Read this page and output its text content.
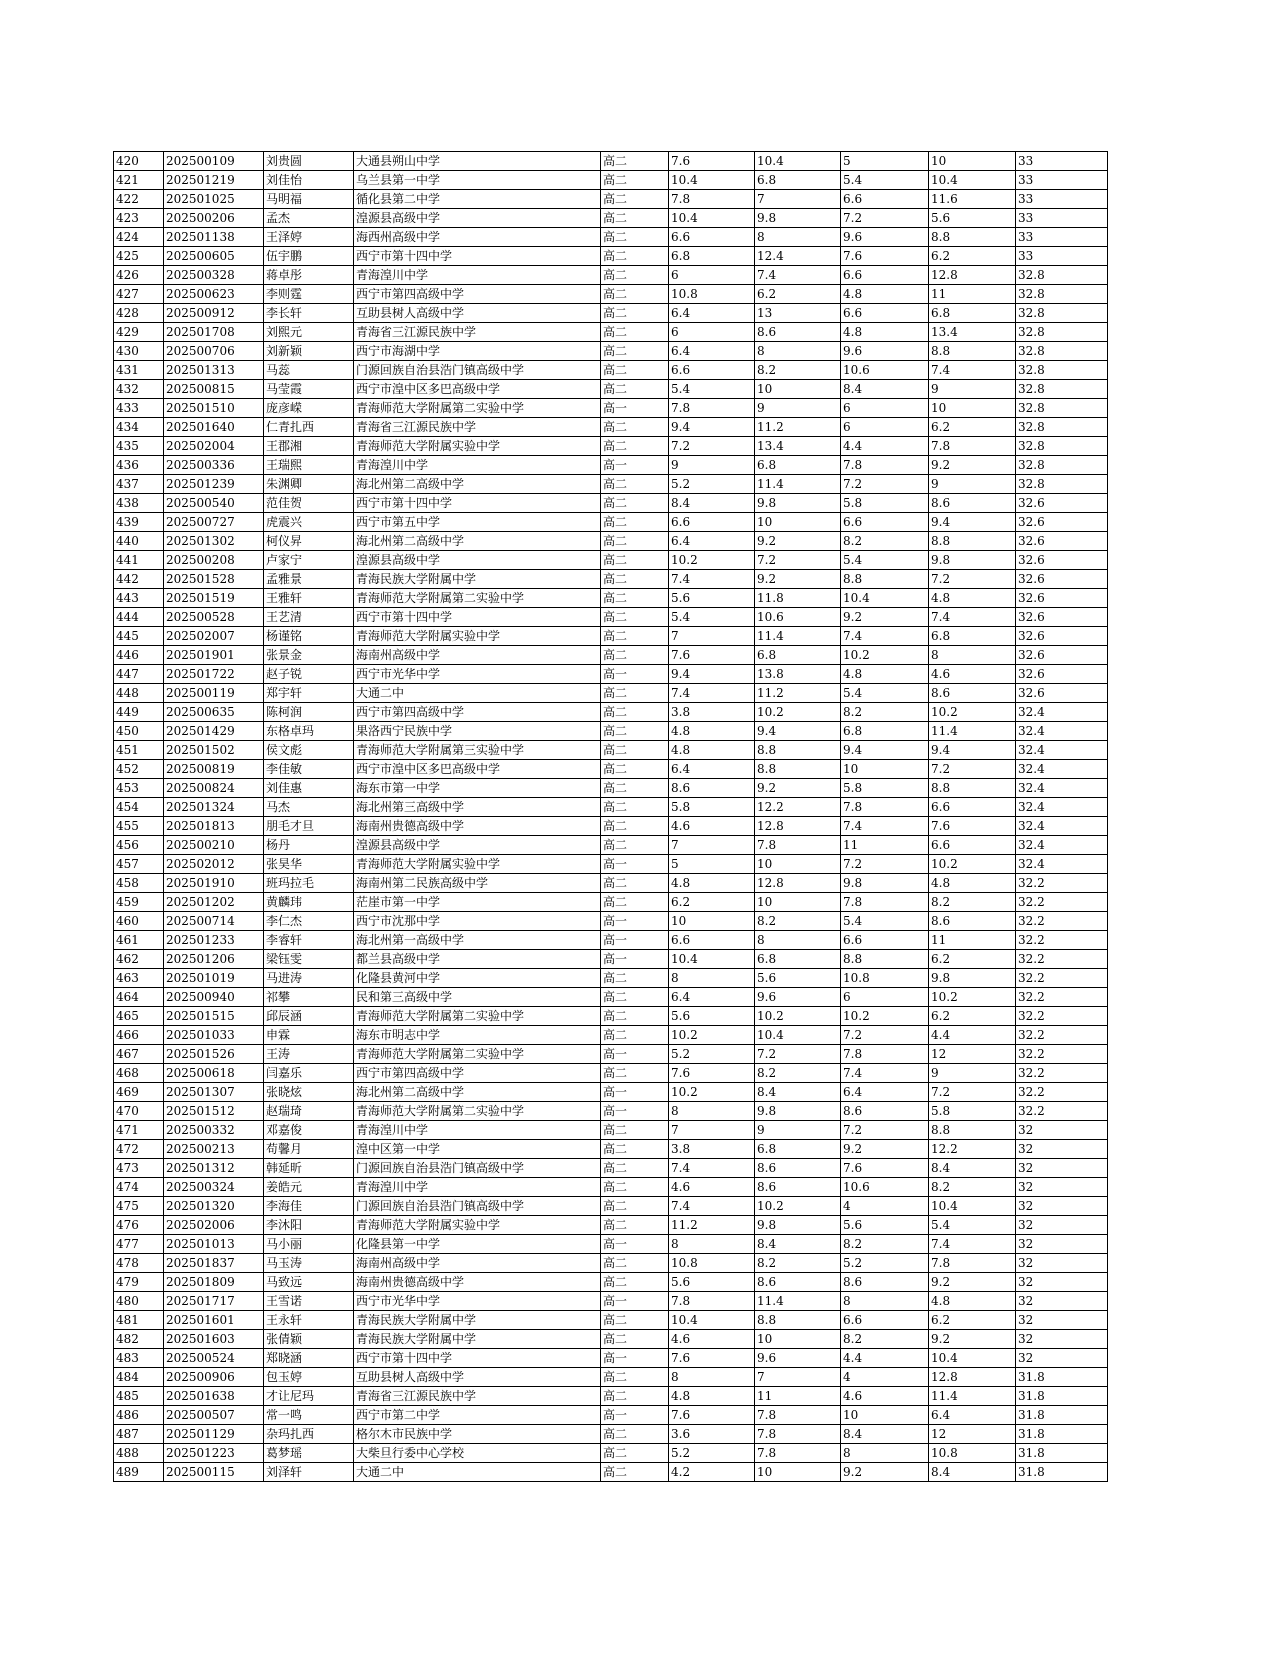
420	202500109	刘贵圆	大通县朔山中学	高二	7.6	10.4	5	10	33
421	202501219	刘佳怡	乌兰县第一中学	高二	10.4	6.8	5.4	10.4	33
422	202501025	马明福	循化县第二中学	高二	7.8	7	6.6	11.6	33
423	202500206	孟杰	湟源县高级中学	高二	10.4	9.8	7.2	5.6	33
424	202501138	王泽婷	海西州高级中学	高二	6.6	8	9.6	8.8	33
425	202500605	伍宇鹏	西宁市第十四中学	高二	6.8	12.4	7.6	6.2	33
426	202500328	蒋卓彤	青海湟川中学	高二	6	7.4	6.6	12.8	32.8
427	202500623	李则霆	西宁市第四高级中学	高二	10.8	6.2	4.8	11	32.8
428	202500912	李长轩	互助县树人高级中学	高二	6.4	13	6.6	6.8	32.8
429	202501708	刘熙元	青海省三江源民族中学	高二	6	8.6	4.8	13.4	32.8
430	202500706	刘新颖	西宁市海湖中学	高二	6.4	8	9.6	8.8	32.8
431	202501313	马蕊	门源回族自治县浩门镇高级中学	高二	6.6	8.2	10.6	7.4	32.8
432	202500815	马莹霞	西宁市湟中区多巴高级中学	高二	5.4	10	8.4	9	32.8
433	202501510	庞彦嵘	青海师范大学附属第二实验中学	高一	7.8	9	6	10	32.8
434	202501640	仁青扎西	青海省三江源民族中学	高二	9.4	11.2	6	6.2	32.8
435	202502004	王郡湘	青海师范大学附属实验中学	高二	7.2	13.4	4.4	7.8	32.8
436	202500336	王瑞熙	青海湟川中学	高一	9	6.8	7.8	9.2	32.8
437	202501239	朱渊卿	海北州第二高级中学	高二	5.2	11.4	7.2	9	32.8
438	202500540	范佳贺	西宁市第十四中学	高二	8.4	9.8	5.8	8.6	32.6
439	202500727	虎震兴	西宁市第五中学	高二	6.6	10	6.6	9.4	32.6
440	202501302	柯仪昇	海北州第二高级中学	高二	6.4	9.2	8.2	8.8	32.6
441	202500208	卢家宁	湟源县高级中学	高二	10.2	7.2	5.4	9.8	32.6
442	202501528	孟雅景	青海民族大学附属中学	高二	7.4	9.2	8.8	7.2	32.6
443	202501519	王雅轩	青海师范大学附属第二实验中学	高二	5.6	11.8	10.4	4.8	32.6
444	202500528	王艺清	西宁市第十四中学	高二	5.4	10.6	9.2	7.4	32.6
445	202502007	杨谨铭	青海师范大学附属实验中学	高二	7	11.4	7.4	6.8	32.6
446	202501901	张景金	海南州高级中学	高二	7.6	6.8	10.2	8	32.6
447	202501722	赵子锐	西宁市光华中学	高一	9.4	13.8	4.8	4.6	32.6
448	202500119	郑宇轩	大通二中	高二	7.4	11.2	5.4	8.6	32.6
449	202500635	陈柯润	西宁市第四高级中学	高二	3.8	10.2	8.2	10.2	32.4
450	202501429	东格卓玛	果洛西宁民族中学	高二	4.8	9.4	6.8	11.4	32.4
451	202501502	侯文彪	青海师范大学附属第三实验中学	高二	4.8	8.8	9.4	9.4	32.4
452	202500819	李佳敏	西宁市湟中区多巴高级中学	高二	6.4	8.8	10	7.2	32.4
453	202500824	刘佳惠	海东市第一中学	高二	8.6	9.2	5.8	8.8	32.4
454	202501324	马杰	海北州第三高级中学	高二	5.8	12.2	7.8	6.6	32.4
455	202501813	朋毛才旦	海南州贵德高级中学	高二	4.6	12.8	7.4	7.6	32.4
456	202500210	杨丹	湟源县高级中学	高二	7	7.8	11	6.6	32.4
457	202502012	张昊华	青海师范大学附属实验中学	高一	5	10	7.2	10.2	32.4
458	202501910	班玛拉毛	海南州第二民族高级中学	高二	4.8	12.8	9.8	4.8	32.2
459	202501202	黄麟玮	茫崖市第一中学	高二	6.2	10	7.8	8.2	32.2
460	202500714	李仁杰	西宁市沈那中学	高一	10	8.2	5.4	8.6	32.2
461	202501233	李睿轩	海北州第一高级中学	高一	6.6	8	6.6	11	32.2
462	202501206	梁钰雯	都兰县高级中学	高一	10.4	6.8	8.8	6.2	32.2
463	202501019	马进涛	化隆县黄河中学	高二	8	5.6	10.8	9.8	32.2
464	202500940	祁攀	民和第三高级中学	高二	6.4	9.6	6	10.2	32.2
465	202501515	邱辰涵	青海师范大学附属第二实验中学	高二	5.6	10.2	10.2	6.2	32.2
466	202501033	申霖	海东市明志中学	高二	10.2	10.4	7.2	4.4	32.2
467	202501526	王涛	青海师范大学附属第二实验中学	高一	5.2	7.2	7.8	12	32.2
468	202500618	闫嘉乐	西宁市第四高级中学	高二	7.6	8.2	7.4	9	32.2
469	202501307	张晓炫	海北州第二高级中学	高一	10.2	8.4	6.4	7.2	32.2
470	202501512	赵瑞琦	青海师范大学附属第二实验中学	高一	8	9.8	8.6	5.8	32.2
471	202500332	邓嘉俊	青海湟川中学	高二	7	9	7.2	8.8	32
472	202500213	苟馨月	湟中区第一中学	高二	3.8	6.8	9.2	12.2	32
473	202501312	韩延昕	门源回族自治县浩门镇高级中学	高二	7.4	8.6	7.6	8.4	32
474	202500324	姜皓元	青海湟川中学	高二	4.6	8.6	10.6	8.2	32
475	202501320	李海佳	门源回族自治县浩门镇高级中学	高二	7.4	10.2	4	10.4	32
476	202502006	李沐阳	青海师范大学附属实验中学	高二	11.2	9.8	5.6	5.4	32
477	202501013	马小丽	化隆县第一中学	高一	8	8.4	8.2	7.4	32
478	202501837	马玉涛	海南州高级中学	高二	10.8	8.2	5.2	7.8	32
479	202501809	马致远	海南州贵德高级中学	高二	5.6	8.6	8.6	9.2	32
480	202501717	王雪诺	西宁市光华中学	高一	7.8	11.4	8	4.8	32
481	202501601	王永轩	青海民族大学附属中学	高二	10.4	8.8	6.6	6.2	32
482	202501603	张倩颖	青海民族大学附属中学	高二	4.6	10	8.2	9.2	32
483	202500524	郑晓涵	西宁市第十四中学	高一	7.6	9.6	4.4	10.4	32
484	202500906	包玉婷	互助县树人高级中学	高二	8	7	4	12.8	31.8
485	202501638	才让尼玛	青海省三江源民族中学	高二	4.8	11	4.6	11.4	31.8
486	202500507	常一鸣	西宁市第二中学	高一	7.6	7.8	10	6.4	31.8
487	202501129	杂玛扎西	格尔木市民族中学	高二	3.6	7.8	8.4	12	31.8
488	202501223	葛梦瑶	大柴旦行委中心学校	高二	5.2	7.8	8	10.8	31.8
489	202500115	刘泽轩	大通二中	高二	4.2	10	9.2	8.4	31.8
